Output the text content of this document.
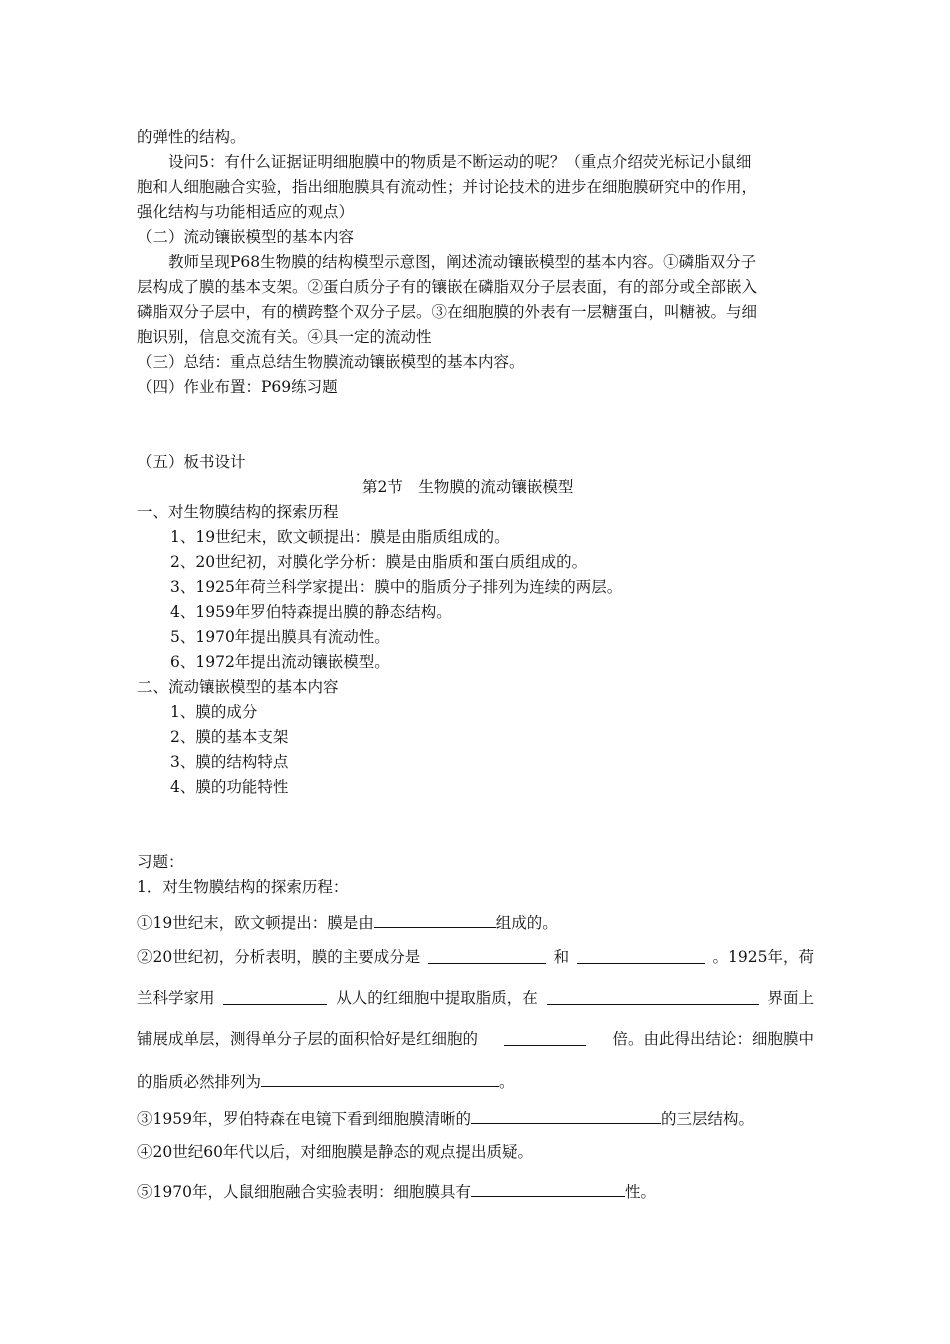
的弹性的结构。
设问5：有什么证据证明细胞膜中的物质是不断运动的呢？（重点介绍荧光标记小鼠细
胞和人细胞融合实验，指出细胞膜具有流动性；并讨论技术的进步在细胞膜研究中的作用，
强化结构与功能相适应的观点）
（二）流动镶嵌模型的基本内容
教师呈现P68生物膜的结构模型示意图，阐述流动镶嵌模型的基本内容。①磷脂双分子
层构成了膜的基本支架。②蛋白质分子有的镶嵌在磷脂双分子层表面，有的部分或全部嵌入
磷脂双分子层中，有的横跨整个双分子层。③在细胞膜的外表有一层糖蛋白，叫糖被。与细
胞识别，信息交流有关。④具一定的流动性
（三）总结：重点总结生物膜流动镶嵌模型的基本内容。
（四）作业布置：P69练习题
（五）板书设计
第2节　生物膜的流动镶嵌模型
一、对生物膜结构的探索历程
1、19世纪末，欧文顿提出：膜是由脂质组成的。
2、20世纪初，对膜化学分析：膜是由脂质和蛋白质组成的。
3、1925年荷兰科学家提出：膜中的脂质分子排列为连续的两层。
4、1959年罗伯特森提出膜的静态结构。
5、1970年提出膜具有流动性。
6、1972年提出流动镶嵌模型。
二、流动镶嵌模型的基本内容
1、膜的成分
2、膜的基本支架
3、膜的结构特点
4、膜的功能特性
习题：
1．对生物膜结构的探索历程：
①19世纪末，欧文顿提出：膜是由	组成的。
②20世纪初，分析表明，膜的主要成分是	和	。1925年，荷
兰科学家用	从人的红细胞中提取脂质，在	界面上
铺展成单层，测得单分子层的面积恰好是红细胞的	倍。由此得出结论：细胞膜中
的脂质必然排列为	。
③1959年，罗伯特森在电镜下看到细胞膜清晰的	的三层结构。
④20世纪60年代以后，对细胞膜是静态的观点提出质疑。
⑤1970年，人鼠细胞融合实验表明：细胞膜具有	性。
